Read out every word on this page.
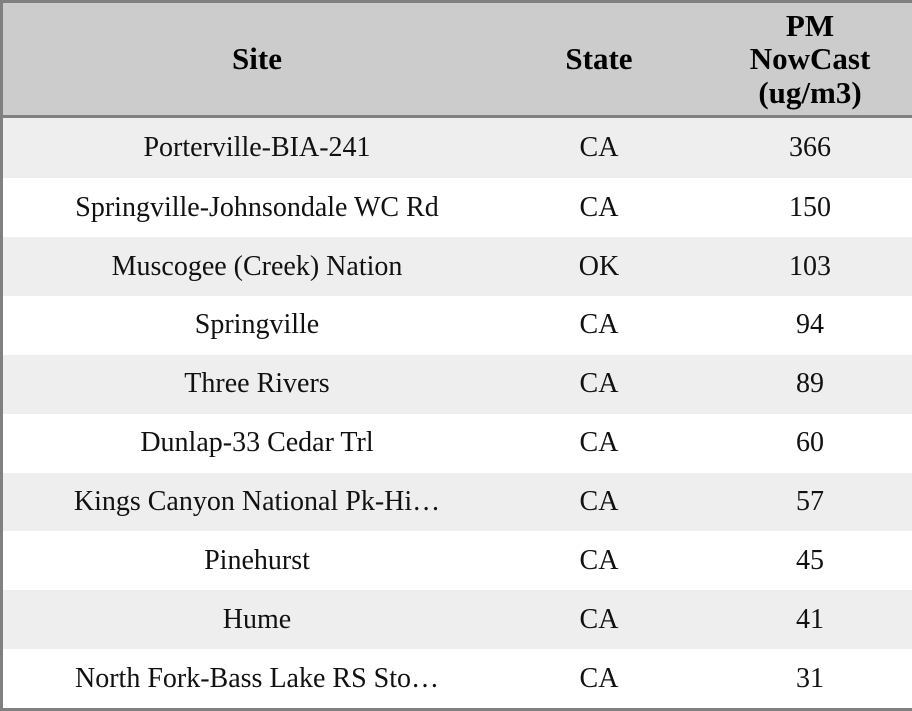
Site	State	PM
NowCast
(ug/m3)

Porterville-BIA-241	CA	366
Springville-Johnsondale WC Rd	CA	150
Muscogee (Creek) Nation	OK	103
Springville	CA	94
Three Rivers	CA	89
Dunlap-33 Cedar Trl	CA	60
Kings Canyon National Pk-Hi…	CA	57
Pinehurst	CA	45
Hume	CA	41
North Fork-Bass Lake RS Sto…	CA	31
